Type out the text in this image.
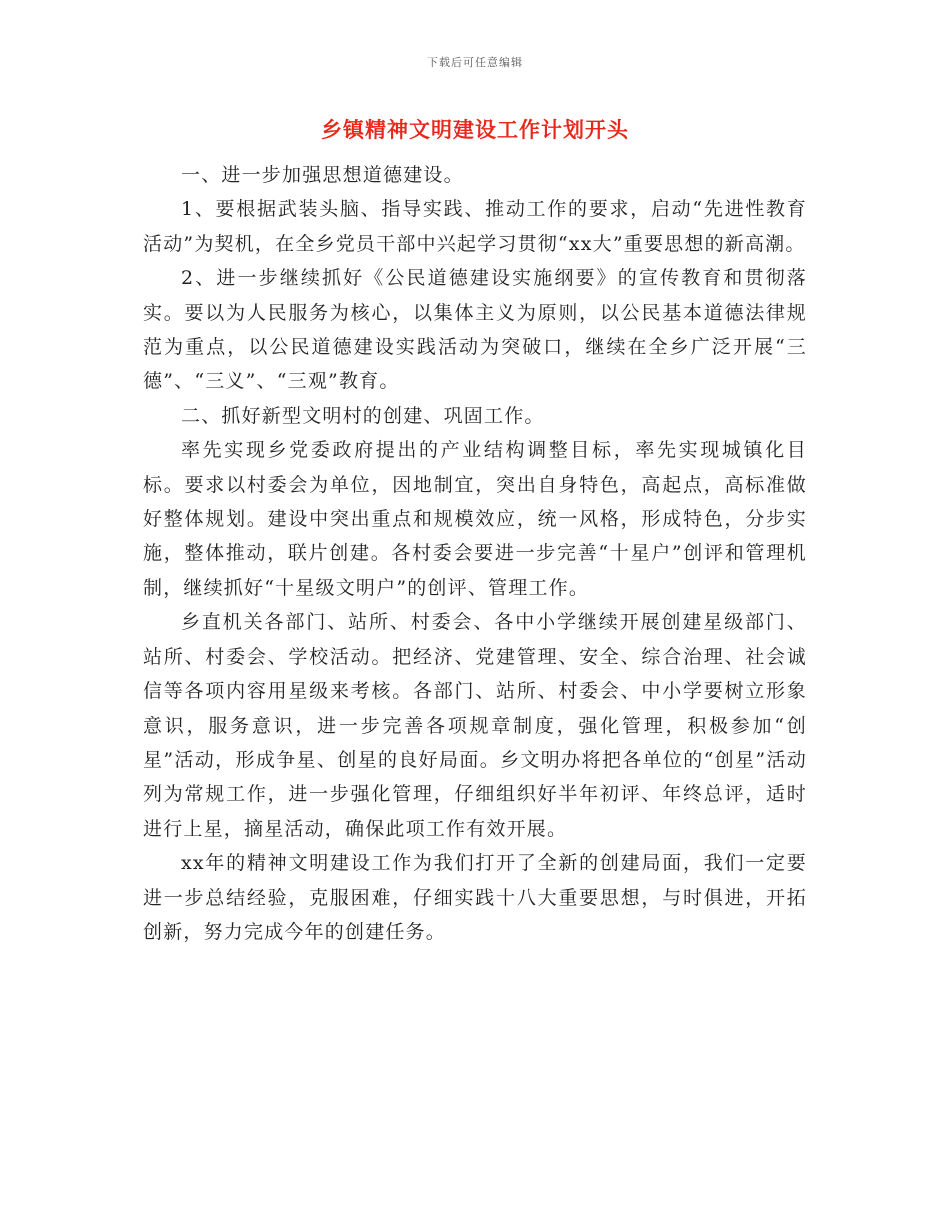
下载后可任意编辑
乡镇精神文明建设工作计划开头

一、进一步加强思想道德建设。

1、要根据武装头脑、指导实践、推动工作的要求，启动“先进性教育活动”为契机，在全乡党员干部中兴起学习贯彻“xx大”重要思想的新高潮。

2、进一步继续抓好《公民道德建设实施纲要》的宣传教育和贯彻落实。要以为人民服务为核心，以集体主义为原则，以公民基本道德法律规范为重点，以公民道德建设实践活动为突破口，继续在全乡广泛开展“三德”、“三义”、“三观”教育。

二、抓好新型文明村的创建、巩固工作。

率先实现乡党委政府提出的产业结构调整目标，率先实现城镇化目标。要求以村委会为单位，因地制宜，突出自身特色，高起点，高标准做好整体规划。建设中突出重点和规模效应，统一风格，形成特色，分步实施，整体推动，联片创建。各村委会要进一步完善“十星户”创评和管理机制，继续抓好“十星级文明户”的创评、管理工作。

乡直机关各部门、站所、村委会、各中小学继续开展创建星级部门、站所、村委会、学校活动。把经济、党建管理、安全、综合治理、社会诚信等各项内容用星级来考核。各部门、站所、村委会、中小学要树立形象意识，服务意识，进一步完善各项规章制度，强化管理，积极参加“创星”活动，形成争星、创星的良好局面。乡文明办将把各单位的“创星”活动列为常规工作，进一步强化管理，仔细组织好半年初评、年终总评，适时进行上星，摘星活动，确保此项工作有效开展。

xx年的精神文明建设工作为我们打开了全新的创建局面，我们一定要进一步总结经验，克服困难，仔细实践十八大重要思想，与时俱进，开拓创新，努力完成今年的创建任务。
